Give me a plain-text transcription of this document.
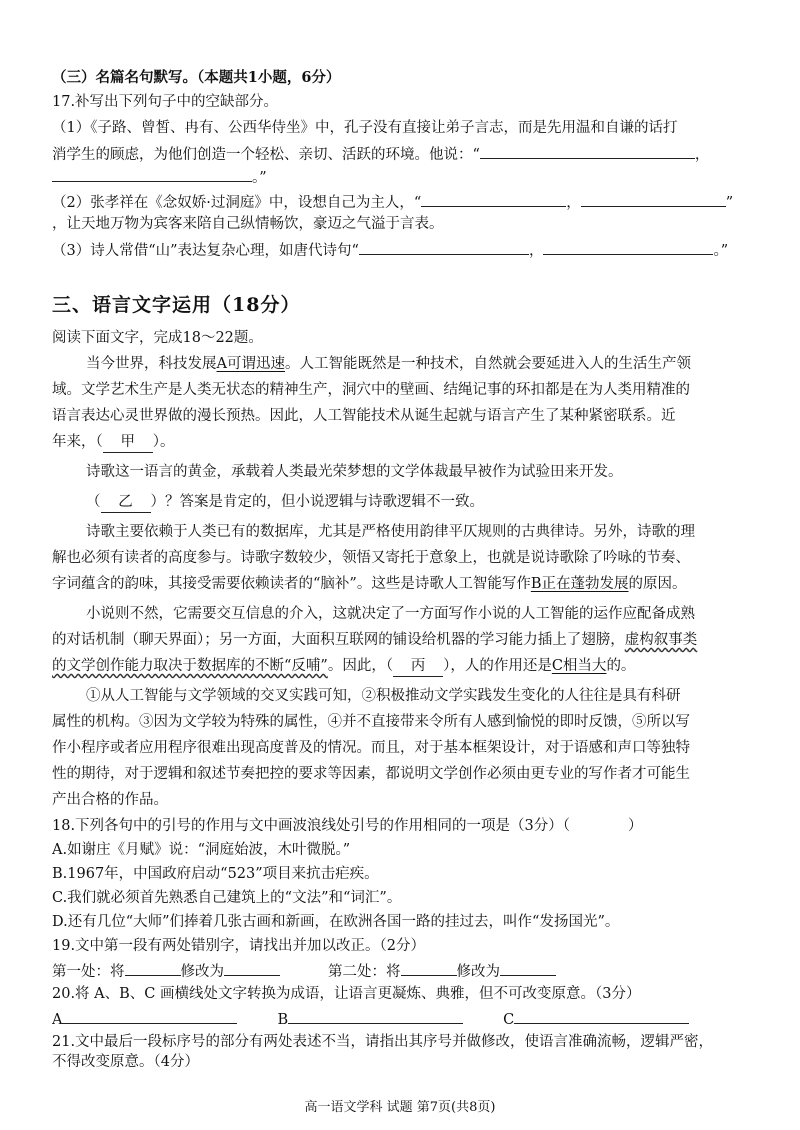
（三）名篇名句默写。（本题共1小题，6分）
17.补写出下列句子中的空缺部分。
（1）《子路、曾皙、冉有、公西华侍坐》中，孔子没有直接让弟子言志，而是先用温和自谦的话打
消学生的顾虑，为他们创造一个轻松、亲切、活跃的环境。他说：“	，
。”
（2）张孝祥在《念奴娇·过洞庭》中，设想自己为主人，“	，	”
，让天地万物为宾客来陪自己纵情畅饮，豪迈之气溢于言表。
（3）诗人常借“山”表达复杂心理，如唐代诗句“	，	。”
三、语言文字运用（18分）
阅读下面文字，完成18～22题。
当今世界，科技发展A可谓迅速。人工智能既然是一种技术，自然就会要延进入人的生活生产领
域。文学艺术生产是人类无状态的精神生产，洞穴中的壁画、结绳记事的环扣都是在为人类用精准的
语言表达心灵世界做的漫长预热。因此，人工智能技术从诞生起就与语言产生了某种紧密联系。近
年来，（ 甲 ）。
诗歌这一语言的黄金，承载着人类最光荣梦想的文学体裁最早被作为试验田来开发。
（ 乙 ）？答案是肯定的，但小说逻辑与诗歌逻辑不一致。
诗歌主要依赖于人类已有的数据库，尤其是严格使用韵律平仄规则的古典律诗。另外，诗歌的理
解也必须有读者的高度参与。诗歌字数较少，领悟又寄托于意象上，也就是说诗歌除了吟咏的节奏、
字词蕴含的韵味，其接受需要依赖读者的“脑补”。这些是诗歌人工智能写作B正在蓬勃发展的原因。
小说则不然，它需要交互信息的介入，这就决定了一方面写作小说的人工智能的运作应配备成熟
的对话机制（聊天界面）；另一方面，大面积互联网的铺设给机器的学习能力插上了翅膀，虚构叙事类
的文学创作能力取决于数据库的不断“反哺”。因此，（ 丙 ），人的作用还是C相当大的。
①从人工智能与文学领域的交叉实践可知，②积极推动文学实践发生变化的人往往是具有科研
属性的机构。③因为文学较为特殊的属性，④并不直接带来令所有人感到愉悦的即时反馈，⑤所以写
作小程序或者应用程序很难出现高度普及的情况。而且，对于基本框架设计，对于语感和声口等独特
性的期待，对于逻辑和叙述节奏把控的要求等因素，都说明文学创作必须由更专业的写作者才可能生
产出合格的作品。
18.下列各句中的引号的作用与文中画波浪线处引号的作用相同的一项是（3分）（　　　　）
A.如谢庄《月赋》说：“洞庭始波，木叶微脱。”
B.1967年，中国政府启动“523”项目来抗击疟疾。
C.我们就必须首先熟悉自己建筑上的“文法”和“词汇”。
D.还有几位“大师”们捧着几张古画和新画，在欧洲各国一路的挂过去，叫作“发扬国光”。
19.文中第一段有两处错别字，请找出并加以改正。（2分）
第一处：将	修改为	第二处：将	修改为
20.将 A、B、C 画横线处文字转换为成语，让语言更凝炼、典雅，但不可改变原意。（3分）
A	B	C
21.文中最后一段标序号的部分有两处表述不当，请指出其序号并做修改，使语言准确流畅，逻辑严密，
不得改变原意。（4分）
高一语文学科 试题 第7页(共8页)
